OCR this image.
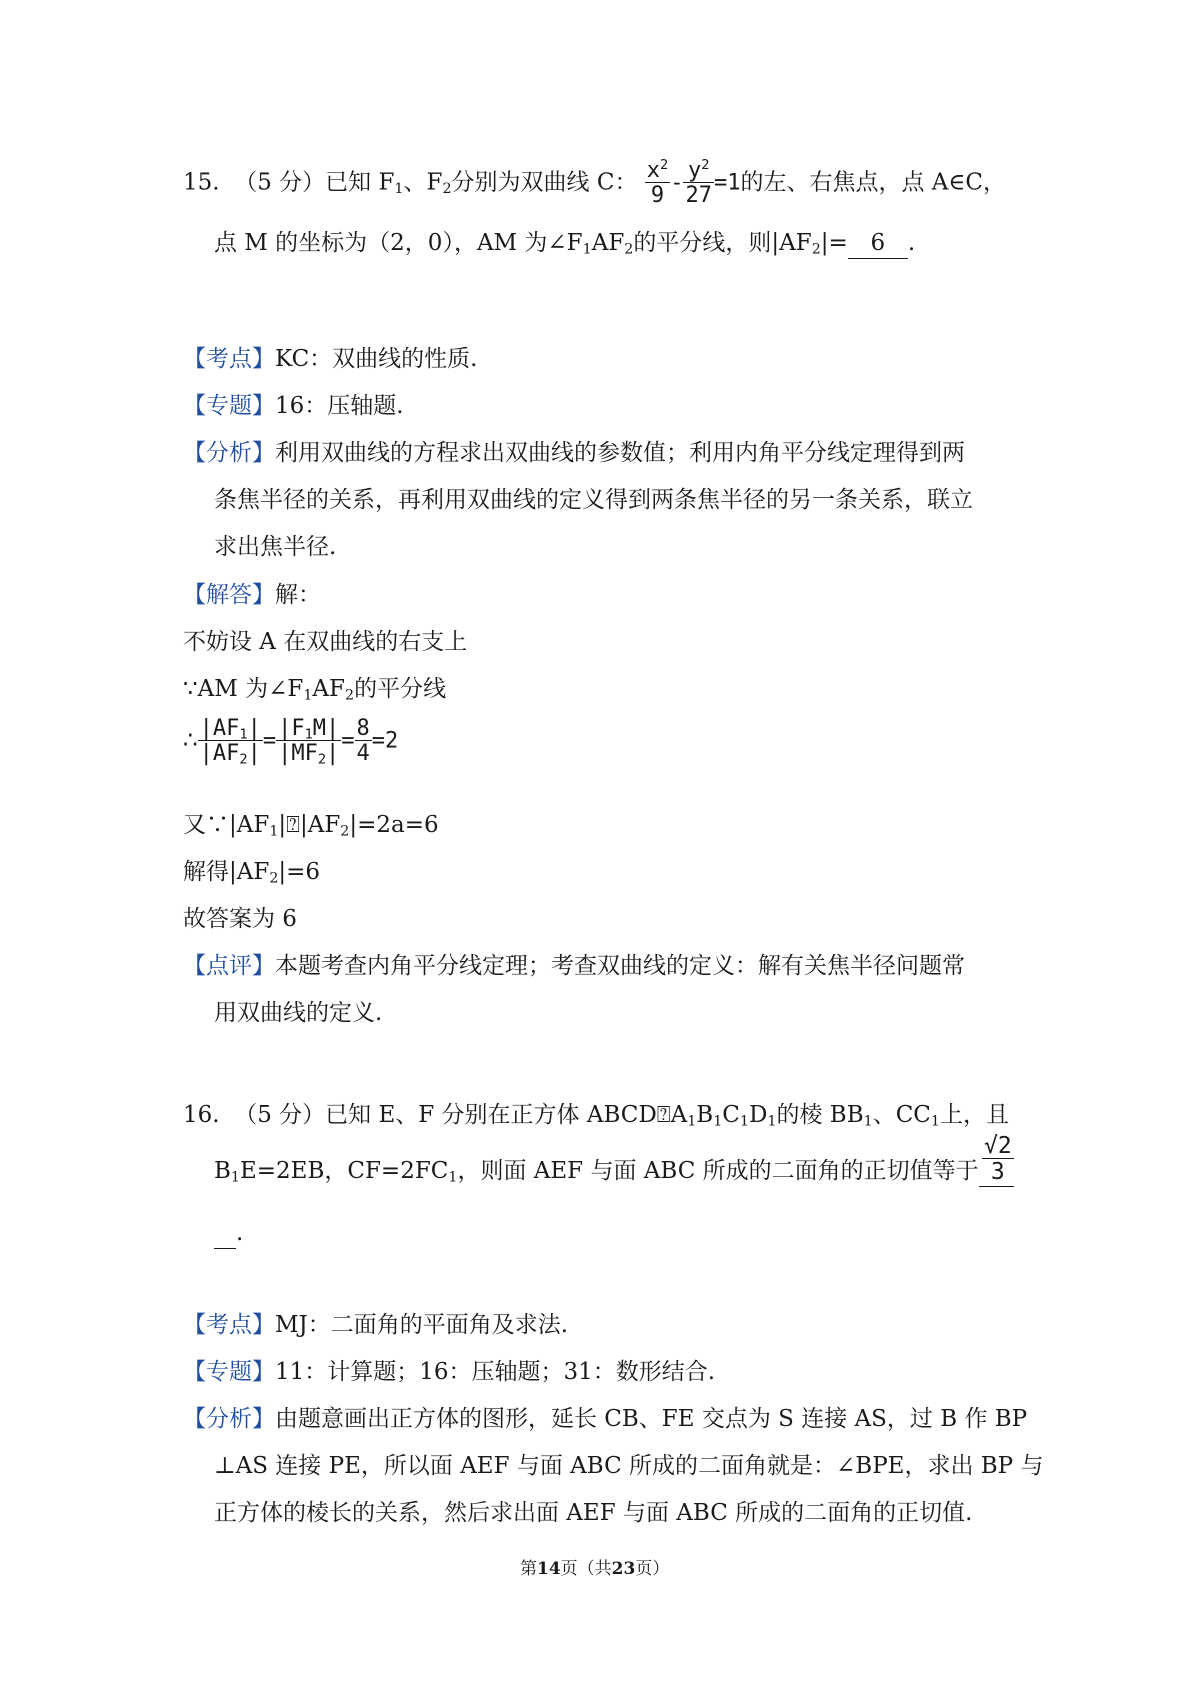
15. （5 分）已知 $F_1$、$F_2$分别为双曲线 C： $\frac{x^2}{9} - \frac{y^2}{27} =1$的左、右焦点，点 A∈C，
点 M 的坐标为（2，0），AM 为$\angle F_1AF_2$的平分线，则$|AF_2|= 6$ .
【考点】KC：双曲线的性质.
【专题】16：压轴题.
【分析】利用双曲线的方程求出双曲线的参数值；利用内角平分线定理得到两
条焦半径的关系，再利用双曲线的定义得到两条焦半径的另一条关系，联立
求出焦半径.
【解答】解：
不妨设 A 在双曲线的右支上
∵AM 为$\angle F_1AF_2$的平分线
∴ $\frac{|AF_1|}{|AF_2|} = \frac{|F_1M|}{|MF_2|} = \frac{8}{4} =2$
又$\because|AF_1|⍰|AF_2|=2a=6$
解得$|AF_2|=6$
故答案为 6
【点评】本题考查内角平分线定理；考查双曲线的定义：解有关焦半径问题常
用双曲线的定义.
16. （5 分）已知 E、F 分别在正方体 $ABCD⍰A_1B_1C_1D_1$的棱 $BB_1$、$CC_1$上，且
$B_1E=2EB$，$CF=2FC_1$，则面 AEF 与面 ABC 所成的二面角的正切值等于 $\frac{√2}{3}$
.
【考点】MJ：二面角的平面角及求法.
【专题】11：计算题；16：压轴题；31：数形结合.
【分析】由题意画出正方体的图形，延长 CB、FE 交点为 S 连接 AS，过 B 作 BP
⊥AS 连接 PE，所以面 AEF 与面 ABC 所成的二面角就是：∠BPE，求出 BP 与
正方体的棱长的关系，然后求出面 AEF 与面 ABC 所成的二面角的正切值.
第14页（共23页）
